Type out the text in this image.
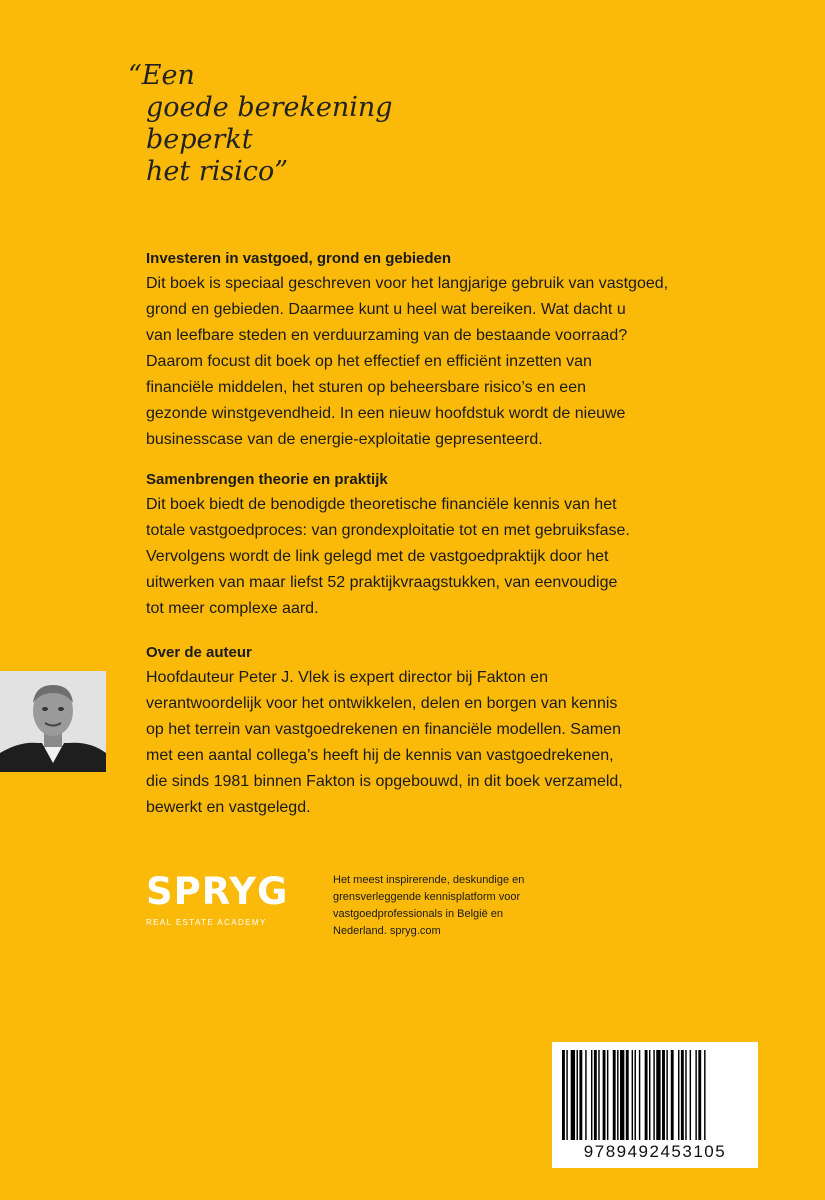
“Een
goede berekening
beperkt
het risico”
Investeren in vastgoed, grond en gebieden

Dit boek is speciaal geschreven voor het langjarige gebruik van vastgoed,
grond en gebieden. Daarmee kunt u heel wat bereiken. Wat dacht u
van leefbare steden en verduurzaming van de bestaande voorraad?
Daarom focust dit boek op het effectief en efficiënt inzetten van
financiële middelen, het sturen op beheersbare risico’s en een
gezonde winstgevendheid. In een nieuw hoofdstuk wordt de nieuwe
businesscase van de energie-exploitatie gepresenteerd.

Samenbrengen theorie en praktijk

Dit boek biedt de benodigde theoretische financiële kennis van het
totale vastgoedproces: van grondexploitatie tot en met gebruiksfase.
Vervolgens wordt de link gelegd met de vastgoedpraktijk door het
uitwerken van maar liefst 52 praktijkvraagstukken, van eenvoudige
tot meer complexe aard.

Over de auteur

Hoofdauteur Peter J. Vlek is expert director bij Fakton en
verantwoordelijk voor het ontwikkelen, delen en borgen van kennis
op het terrein van vastgoedrekenen en financiële modellen. Samen
met een aantal collega’s heeft hij de kennis van vastgoedrekenen,
die sinds 1981 binnen Fakton is opgebouwd, in dit boek verzameld,
bewerkt en vastgelegd.

SPRYG
REAL ESTATE ACADEMY
Het meest inspirerende, deskundige en
grensverleggende kennisplatform voor
vastgoedprofessionals in België en
Nederland. spryg.com
9789492453105
